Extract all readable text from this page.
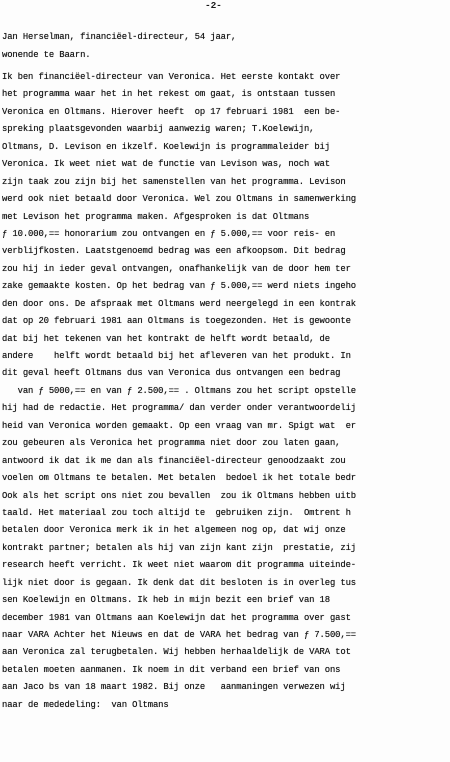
-2-
Jan Herselman, financiëel-directeur, 54 jaar,
wonende te Baarn.
Ik ben financiëel-directeur van Veronica. Het eerste kontakt over
het programma waar het in het rekest om gaat, is ontstaan tussen
Veronica en Oltmans. Hierover heeft  op 17 februari 1981  een be-
spreking plaatsgevonden waarbij aanwezig waren; T.Koelewijn,
Oltmans, D. Levison en ikzelf. Koelewijn is programmaleider bij
Veronica. Ik weet niet wat de functie van Levison was, noch wat
zijn taak zou zijn bij het samenstellen van het programma. Levison
werd ook niet betaald door Veronica. Wel zou Oltmans in samenwerking
met Levison het programma maken. Afgesproken is dat Oltmans
ƒ 10.000,== honorarium zou ontvangen en ƒ 5.000,== voor reis- en
verblijfkosten. Laatstgenoemd bedrag was een afkoopsom. Dit bedrag
zou hij in ieder geval ontvangen, onafhankelijk van de door hem ter
zake gemaakte kosten. Op het bedrag van ƒ 5.000,== werd niets ingeho
den door ons. De afspraak met Oltmans werd neergelegd in een kontrak
dat op 20 februari 1981 aan Oltmans is toegezonden. Het is gewoonte
dat bij het tekenen van het kontrakt de helft wordt betaald, de
andere    helft wordt betaald bij het afleveren van het produkt. In
dit geval heeft Oltmans dus van Veronica dus ontvangen een bedrag
van ƒ 5000,== en van ƒ 2.500,== . Oltmans zou het script opstelle
hij had de redactie. Het programma/ dan verder onder verantwoordelij
heid van Veronica worden gemaakt. Op een vraag van mr. Spigt wat  er
zou gebeuren als Veronica het programma niet door zou laten gaan,
antwoord ik dat ik me dan als financiëel-directeur genoodzaakt zou
voelen om Oltmans te betalen. Met betalen  bedoel ik het totale bedr
Ook als het script ons niet zou bevallen  zou ik Oltmans hebben uitb
taald. Het materiaal zou toch altijd te  gebruiken zijn.  Omtrent h
betalen door Veronica merk ik in het algemeen nog op, dat wij onze
kontrakt partner; betalen als hij van zijn kant zijn  prestatie, zij
research heeft verricht. Ik weet niet waarom dit programma uiteinde-
lijk niet door is gegaan. Ik denk dat dit besloten is in overleg tus
sen Koelewijn en Oltmans. Ik heb in mijn bezit een brief van 18
december 1981 van Oltmans aan Koelewijn dat het programma over gast
naar VARA Achter het Nieuws en dat de VARA het bedrag van ƒ 7.500,==
aan Veronica zal terugbetalen. Wij hebben herhaaldelijk de VARA tot
betalen moeten aanmanen. Ik noem in dit verband een brief van ons
aan Jaco bs van 18 maart 1982. Bij onze   aanmaningen verwezen wij
naar de mededeling:  van Oltmans
